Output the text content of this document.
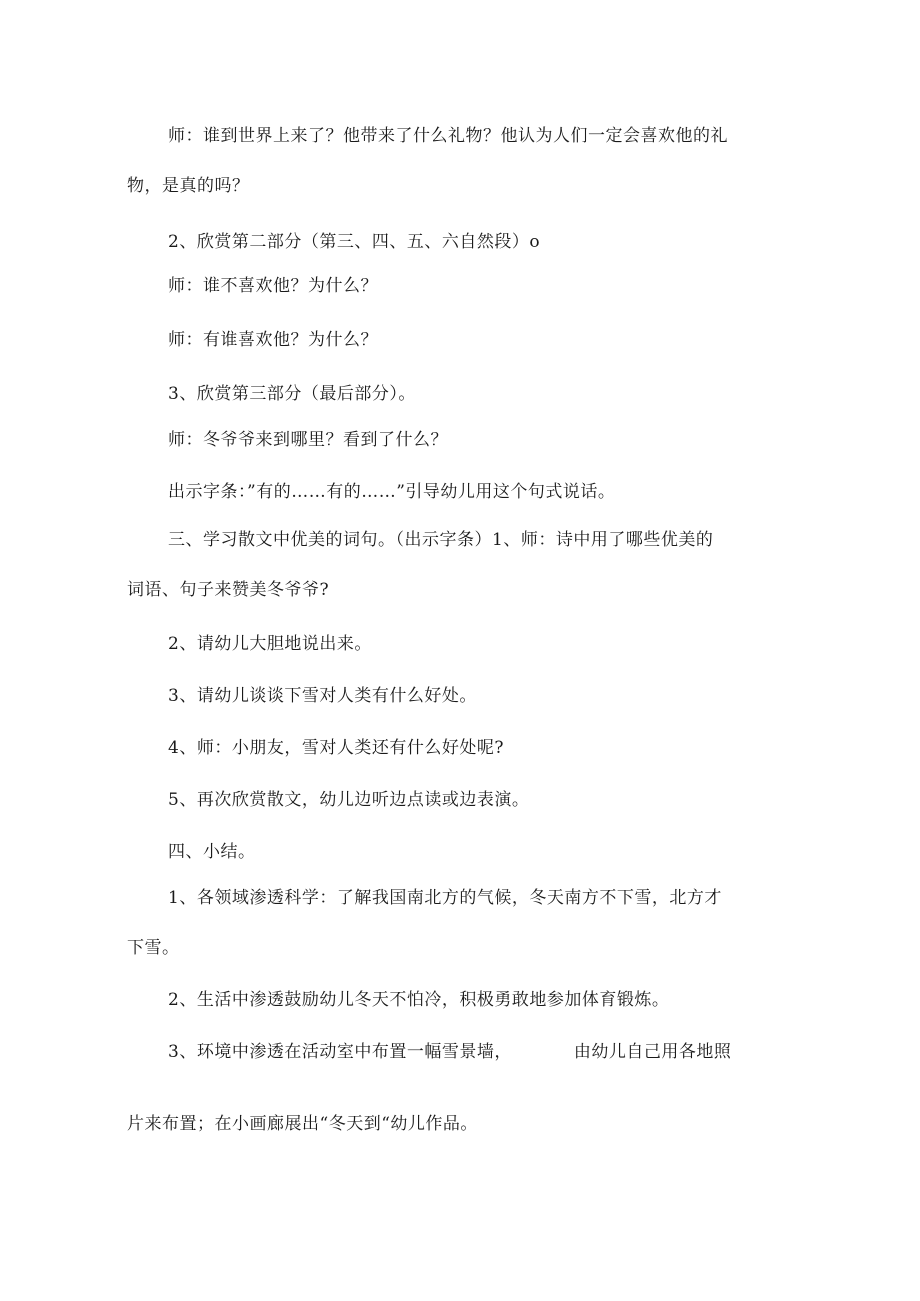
师：谁到世界上来了？他带来了什么礼物？他认为人们一定会喜欢他的礼
物，是真的吗？
2、欣赏第二部分（第三、四、五、六自然段）o
师：谁不喜欢他？为什么？
师：有谁喜欢他？为什么？
3、欣赏第三部分（最后部分）。
师：冬爷爷来到哪里？看到了什么？
出示字条：”有的……有的……”引导幼儿用这个句式说话。
三、学习散文中优美的词句。（出示字条）1、师：诗中用了哪些优美的
词语、句子来赞美冬爷爷?
2、请幼儿大胆地说出来。
3、请幼儿谈谈下雪对人类有什么好处。
4、师：小朋友，雪对人类还有什么好处呢?
5、再次欣赏散文，幼儿边听边点读或边表演。
四、小结。
1、各领域渗透科学：了解我国南北方的气候，冬天南方不下雪，北方才
下雪。
2、生活中渗透鼓励幼儿冬天不怕冷，积极勇敢地参加体育锻炼。
3、环境中渗透在活动室中布置一幅雪景墙，	由幼儿自己用各地照
片来布置；在小画廊展出“冬天到“幼儿作品。
